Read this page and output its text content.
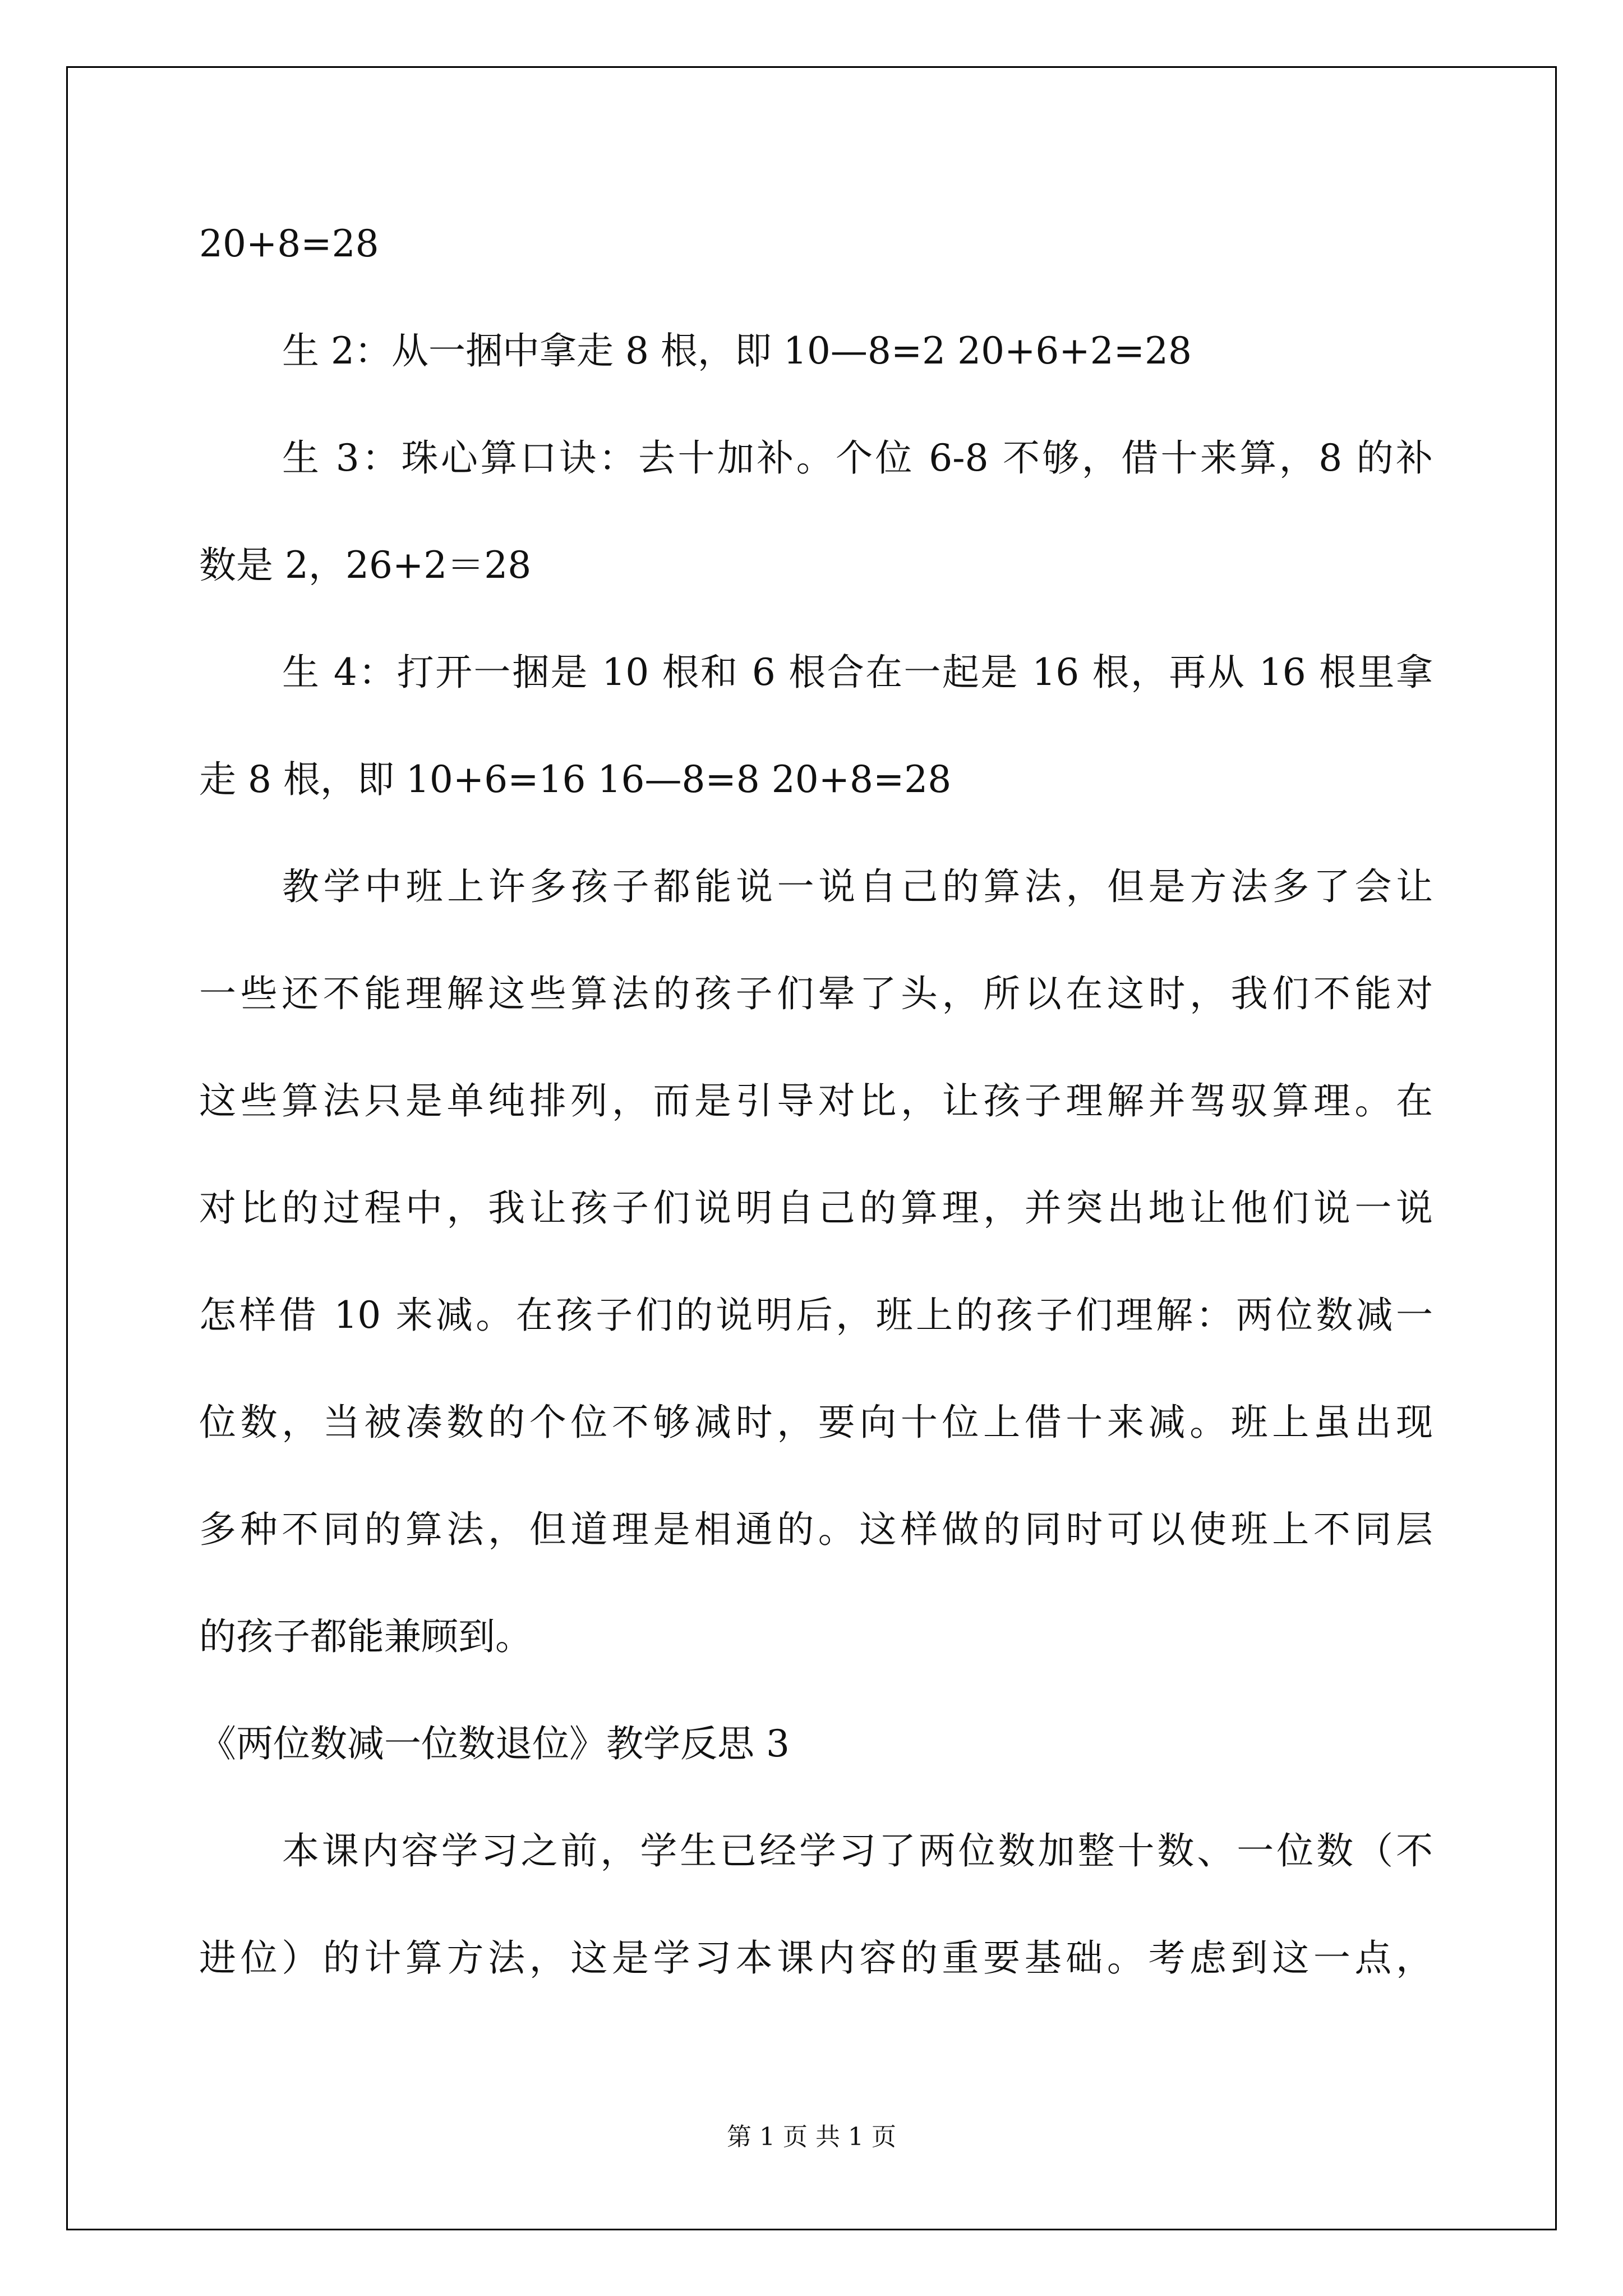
20+8=28
生 2：从一捆中拿走 8 根，即 10—8=2 20+6+2=28
生 3：珠心算口诀：去十加补。个位 6-8 不够，借十来算，8 的补
数是 2，26+2＝28
生 4：打开一捆是 10 根和 6 根合在一起是 16 根，再从 16 根里拿
走 8 根，即 10+6=16 16—8=8 20+8=28
教学中班上许多孩子都能说一说自己的算法，但是方法多了会让
一些还不能理解这些算法的孩子们晕了头，所以在这时，我们不能对
这些算法只是单纯排列，而是引导对比，让孩子理解并驾驭算理。在
对比的过程中，我让孩子们说明自己的算理，并突出地让他们说一说
怎样借 10 来减。在孩子们的说明后，班上的孩子们理解：两位数减一
位数，当被凑数的个位不够减时，要向十位上借十来减。班上虽出现
多种不同的算法，但道理是相通的。这样做的同时可以使班上不同层
的孩子都能兼顾到。
《两位数减一位数退位》教学反思 3
本课内容学习之前，学生已经学习了两位数加整十数、一位数（不
进位）的计算方法，这是学习本课内容的重要基础。考虑到这一点，
第 1 页 共 1 页
